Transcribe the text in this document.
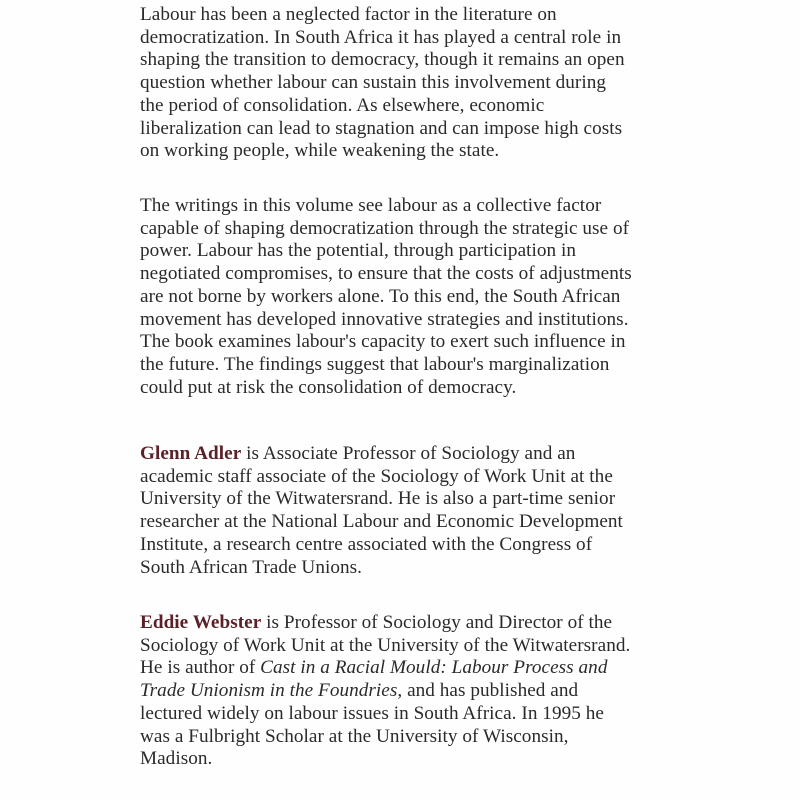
Labour has been a neglected factor in the literature on
democratization. In South Africa it has played a central role in
shaping the transition to democracy, though it remains an open
question whether labour can sustain this involvement during
the period of consolidation. As elsewhere, economic
liberalization can lead to stagnation and can impose high costs
on working people, while weakening the state.

The writings in this volume see labour as a collective factor
capable of shaping democratization through the strategic use of
power. Labour has the potential, through participation in
negotiated compromises, to ensure that the costs of adjustments
are not borne by workers alone. To this end, the South African
movement has developed innovative strategies and institutions.
The book examines labour's capacity to exert such influence in
the future. The findings suggest that labour's marginalization
could put at risk the consolidation of democracy.

Glenn Adler is Associate Professor of Sociology and an
academic staff associate of the Sociology of Work Unit at the
University of the Witwatersrand. He is also a part-time senior
researcher at the National Labour and Economic Development
Institute, a research centre associated with the Congress of
South African Trade Unions.

Eddie Webster is Professor of Sociology and Director of the
Sociology of Work Unit at the University of the Witwatersrand.
He is author of Cast in a Racial Mould: Labour Process and
Trade Unionism in the Foundries, and has published and
lectured widely on labour issues in South Africa. In 1995 he
was a Fulbright Scholar at the University of Wisconsin,
Madison.
